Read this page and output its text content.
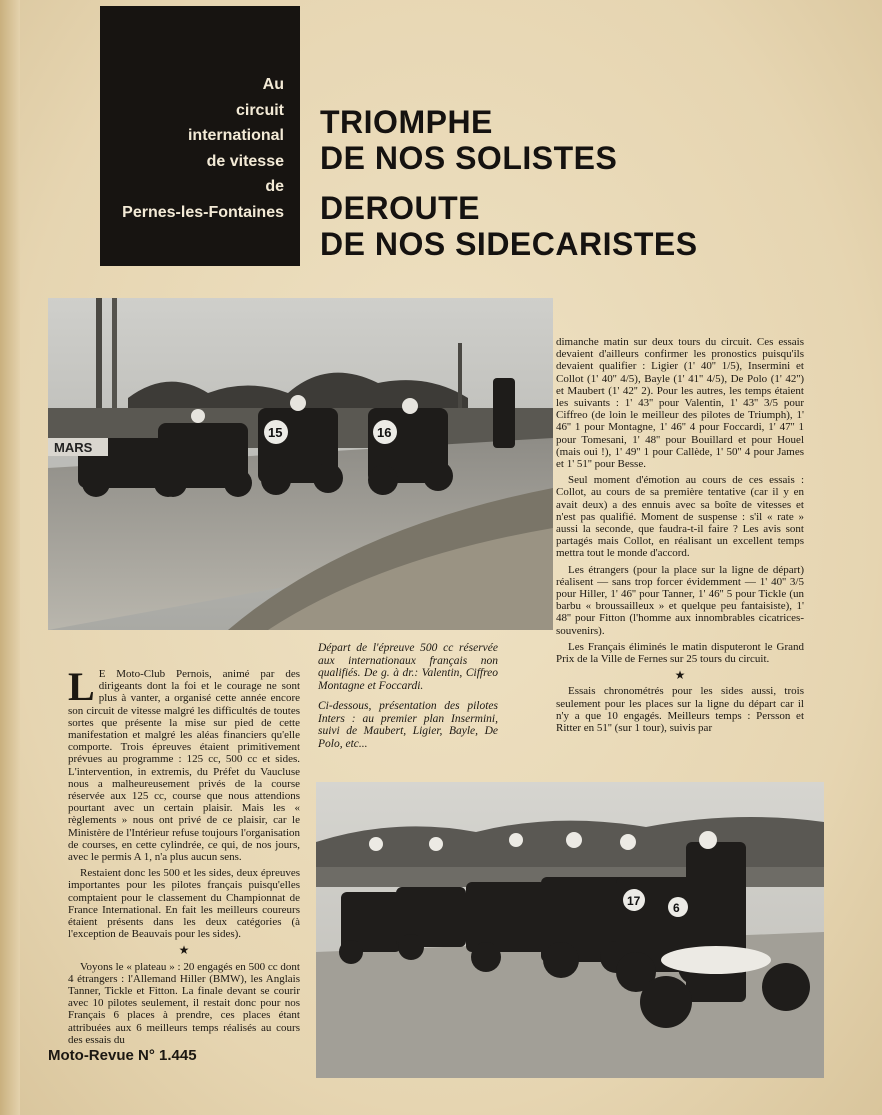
Au
circuit
international
de vitesse
de
Pernes-les-Fontaines
TRIOMPHE
DE NOS SOLISTES
DEROUTE
DE NOS SIDECARISTES
MARS
15	16

Départ de l'épreuve 500 cc réservée aux internationaux français non qualifiés. De g. à dr.: Valentin, Ciffreo Montagne et Foccardi.

Ci-dessous, présentation des pilotes Inters : au premier plan Insermini, suivi de Maubert, Ligier, Bayle, De Polo, etc...

L E Moto-Club Pernois, animé par des dirigeants dont la foi et le courage ne sont plus à vanter, a organisé cette année encore son circuit de vitesse malgré les difficultés de toutes sortes que présente la mise sur pied de cette manifestation et malgré les aléas financiers qu'elle comporte. Trois épreuves étaient primitivement prévues au programme : 125 cc, 500 cc et sides. L'intervention, in extremis, du Préfet du Vaucluse nous a malheureusement privés de la course réservée aux 125 cc, course que nous attendions pourtant avec un certain plaisir. Mais les « règlements » nous ont privé de ce plaisir, car le Ministère de l'Intérieur refuse toujours l'organisation de courses, en cette cylindrée, ce qui, de nos jours, avec le permis A 1, n'a plus aucun sens.

Restaient donc les 500 et les sides, deux épreuves importantes pour les pilotes français puisqu'elles comptaient pour le classement du Championnat de France International. En fait les meilleurs coureurs étaient présents dans les deux catégories (à l'exception de Beauvais pour les sides).

★

Voyons le « plateau » : 20 engagés en 500 cc dont 4 étrangers : l'Allemand Hiller (BMW), les Anglais Tanner, Tickle et Fitton. La finale devant se courir avec 10 pilotes seulement, il restait donc pour nos Français 6 places à prendre, ces places étant attribuées aux 6 meilleurs temps réalisés au cours des essais du

dimanche matin sur deux tours du circuit. Ces essais devaient d'ailleurs confirmer les pronostics puisqu'ils devaient qualifier : Ligier (1' 40'' 1/5), Insermini et Collot (1' 40'' 4/5), Bayle (1' 41'' 4/5), De Polo (1' 42'') et Maubert (1' 42'' 2). Pour les autres, les temps étaient les suivants : 1' 43'' pour Valentin, 1' 43'' 3/5 pour Ciffreo (de loin le meilleur des pilotes de Triumph), 1' 46'' 1 pour Montagne, 1' 46'' 4 pour Foccardi, 1' 47'' 1 pour Tomesani, 1' 48'' pour Bouillard et pour Houel (mais oui !), 1' 49'' 1 pour Callède, 1' 50'' 4 pour James et 1' 51'' pour Besse.

Seul moment d'émotion au cours de ces essais : Collot, au cours de sa première tentative (car il y en avait deux) a des ennuis avec sa boîte de vitesses et n'est pas qualifié. Moment de suspense : s'il « rate » aussi la seconde, que faudra-t-il faire ? Les avis sont partagés mais Collot, en réalisant un excellent temps mettra tout le monde d'accord.

Les étrangers (pour la place sur la ligne de départ) réalisent — sans trop forcer évidemment — 1' 40'' 3/5 pour Hiller, 1' 46'' pour Tanner, 1' 46'' 5 pour Tickle (un barbu « broussailleux » et quelque peu fantaisiste), 1' 48'' pour Fitton (l'homme aux innombrables cicatrices-souvenirs).

Les Français éliminés le matin disputeront le Grand Prix de la Ville de Fernes sur 25 tours du circuit.

★

Essais chronométrés pour les sides aussi, trois seulement pour les places sur la ligne du départ car il n'y a que 10 engagés. Meilleurs temps : Persson et Ritter en 51'' (sur 1 tour), suivis par

17	6
Moto-Revue N° 1.445
